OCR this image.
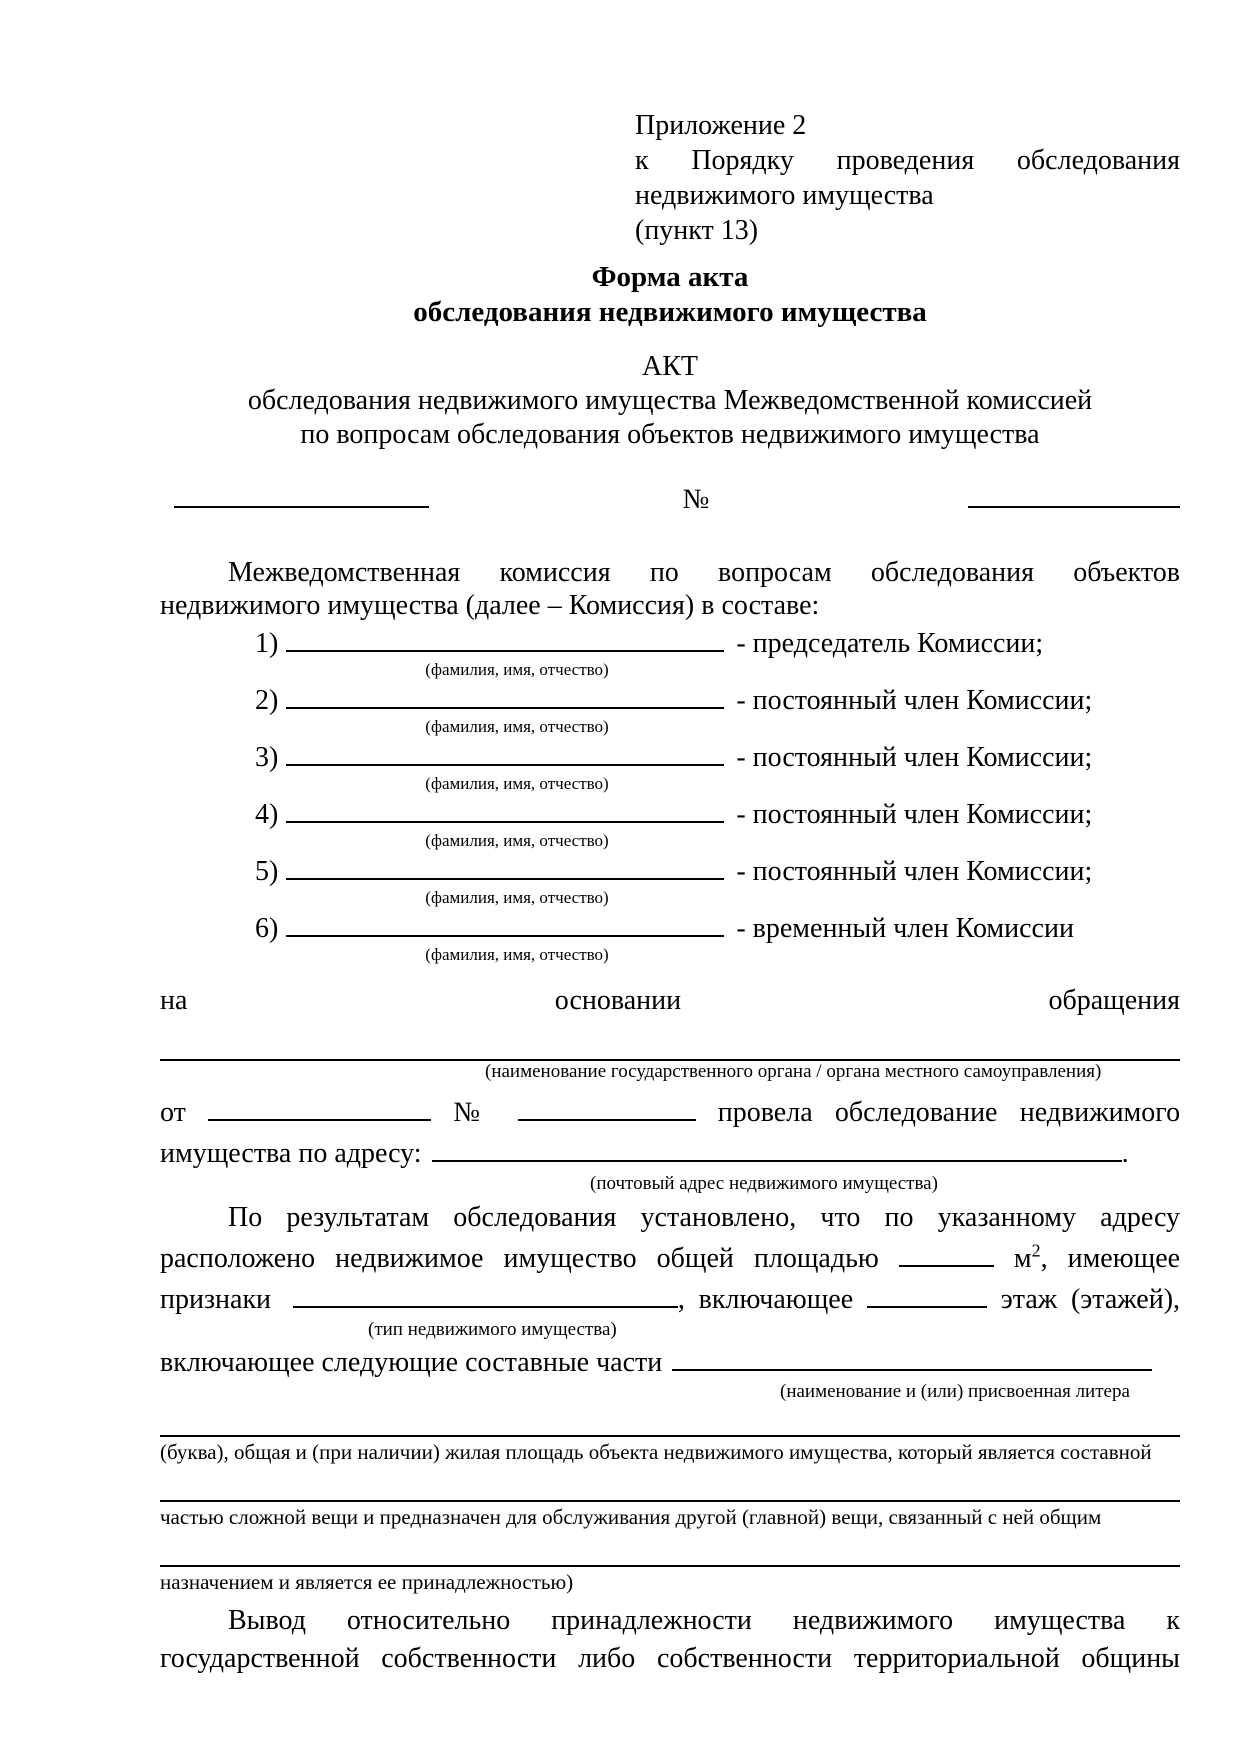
Приложение 2
к Порядку проведения обследования
недвижимого имущества
(пункт 13)
Форма акта
обследования недвижимого имущества
АКТ
обследования недвижимого имущества Межведомственной комиссией
по вопросам обследования объектов недвижимого имущества
№
Межведомственная комиссия по вопросам обследования объектов
недвижимого имущества (далее – Комиссия) в составе:
1)	- председатель Комиссии;
(фамилия, имя, отчество)
2)	- постоянный член Комиссии;
(фамилия, имя, отчество)
3)	- постоянный член Комиссии;
(фамилия, имя, отчество)
4)	- постоянный член Комиссии;
(фамилия, имя, отчество)
5)	- постоянный член Комиссии;
(фамилия, имя, отчество)
6)	- временный член Комиссии
(фамилия, имя, отчество)
на	основании	обращения
(наименование государственного органа / органа местного самоуправления)
от	№	провела обследование недвижимого
имущества по адресу:	.
(почтовый адрес недвижимого имущества)
По результатам обследования установлено, что по указанному адресу
расположено недвижимое имущество общей площадью	$м^2$, имеющее
признаки	, включающее	этаж (этажей),
(тип недвижимого имущества)
включающее следующие составные части
(наименование и (или) присвоенная литера
(буква), общая и (при наличии) жилая площадь объекта недвижимого имущества, который является составной
частью сложной вещи и предназначен для обслуживания другой (главной) вещи, связанный с ней общим
назначением и является ее принадлежностью)
Вывод относительно принадлежности недвижимого имущества к
государственной собственности либо собственности территориальной общины
